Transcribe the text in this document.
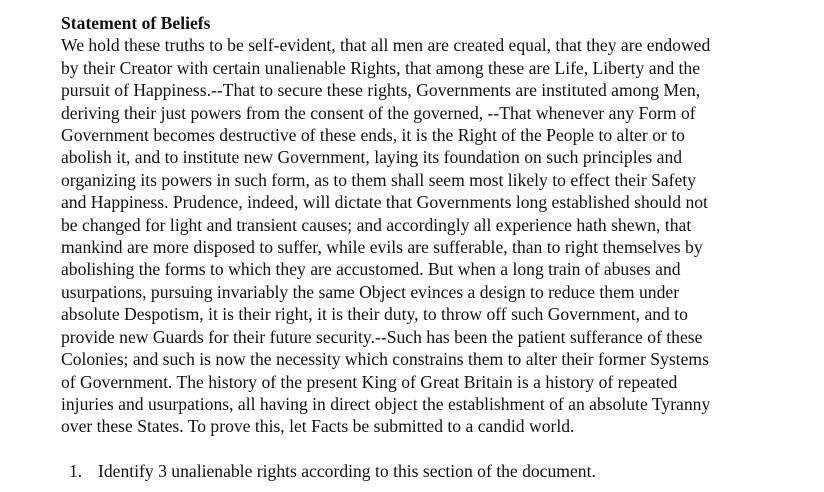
Statement of Beliefs
We hold these truths to be self-evident, that all men are created equal, that they are endowed
by their Creator with certain unalienable Rights, that among these are Life, Liberty and the
pursuit of Happiness.--That to secure these rights, Governments are instituted among Men,
deriving their just powers from the consent of the governed, --That whenever any Form of
Government becomes destructive of these ends, it is the Right of the People to alter or to
abolish it, and to institute new Government, laying its foundation on such principles and
organizing its powers in such form, as to them shall seem most likely to effect their Safety
and Happiness. Prudence, indeed, will dictate that Governments long established should not
be changed for light and transient causes; and accordingly all experience hath shewn, that
mankind are more disposed to suffer, while evils are sufferable, than to right themselves by
abolishing the forms to which they are accustomed. But when a long train of abuses and
usurpations, pursuing invariably the same Object evinces a design to reduce them under
absolute Despotism, it is their right, it is their duty, to throw off such Government, and to
provide new Guards for their future security.--Such has been the patient sufferance of these
Colonies; and such is now the necessity which constrains them to alter their former Systems
of Government. The history of the present King of Great Britain is a history of repeated
injuries and usurpations, all having in direct object the establishment of an absolute Tyranny
over these States. To prove this, let Facts be submitted to a candid world.
1. Identify 3 unalienable rights according to this section of the document.
